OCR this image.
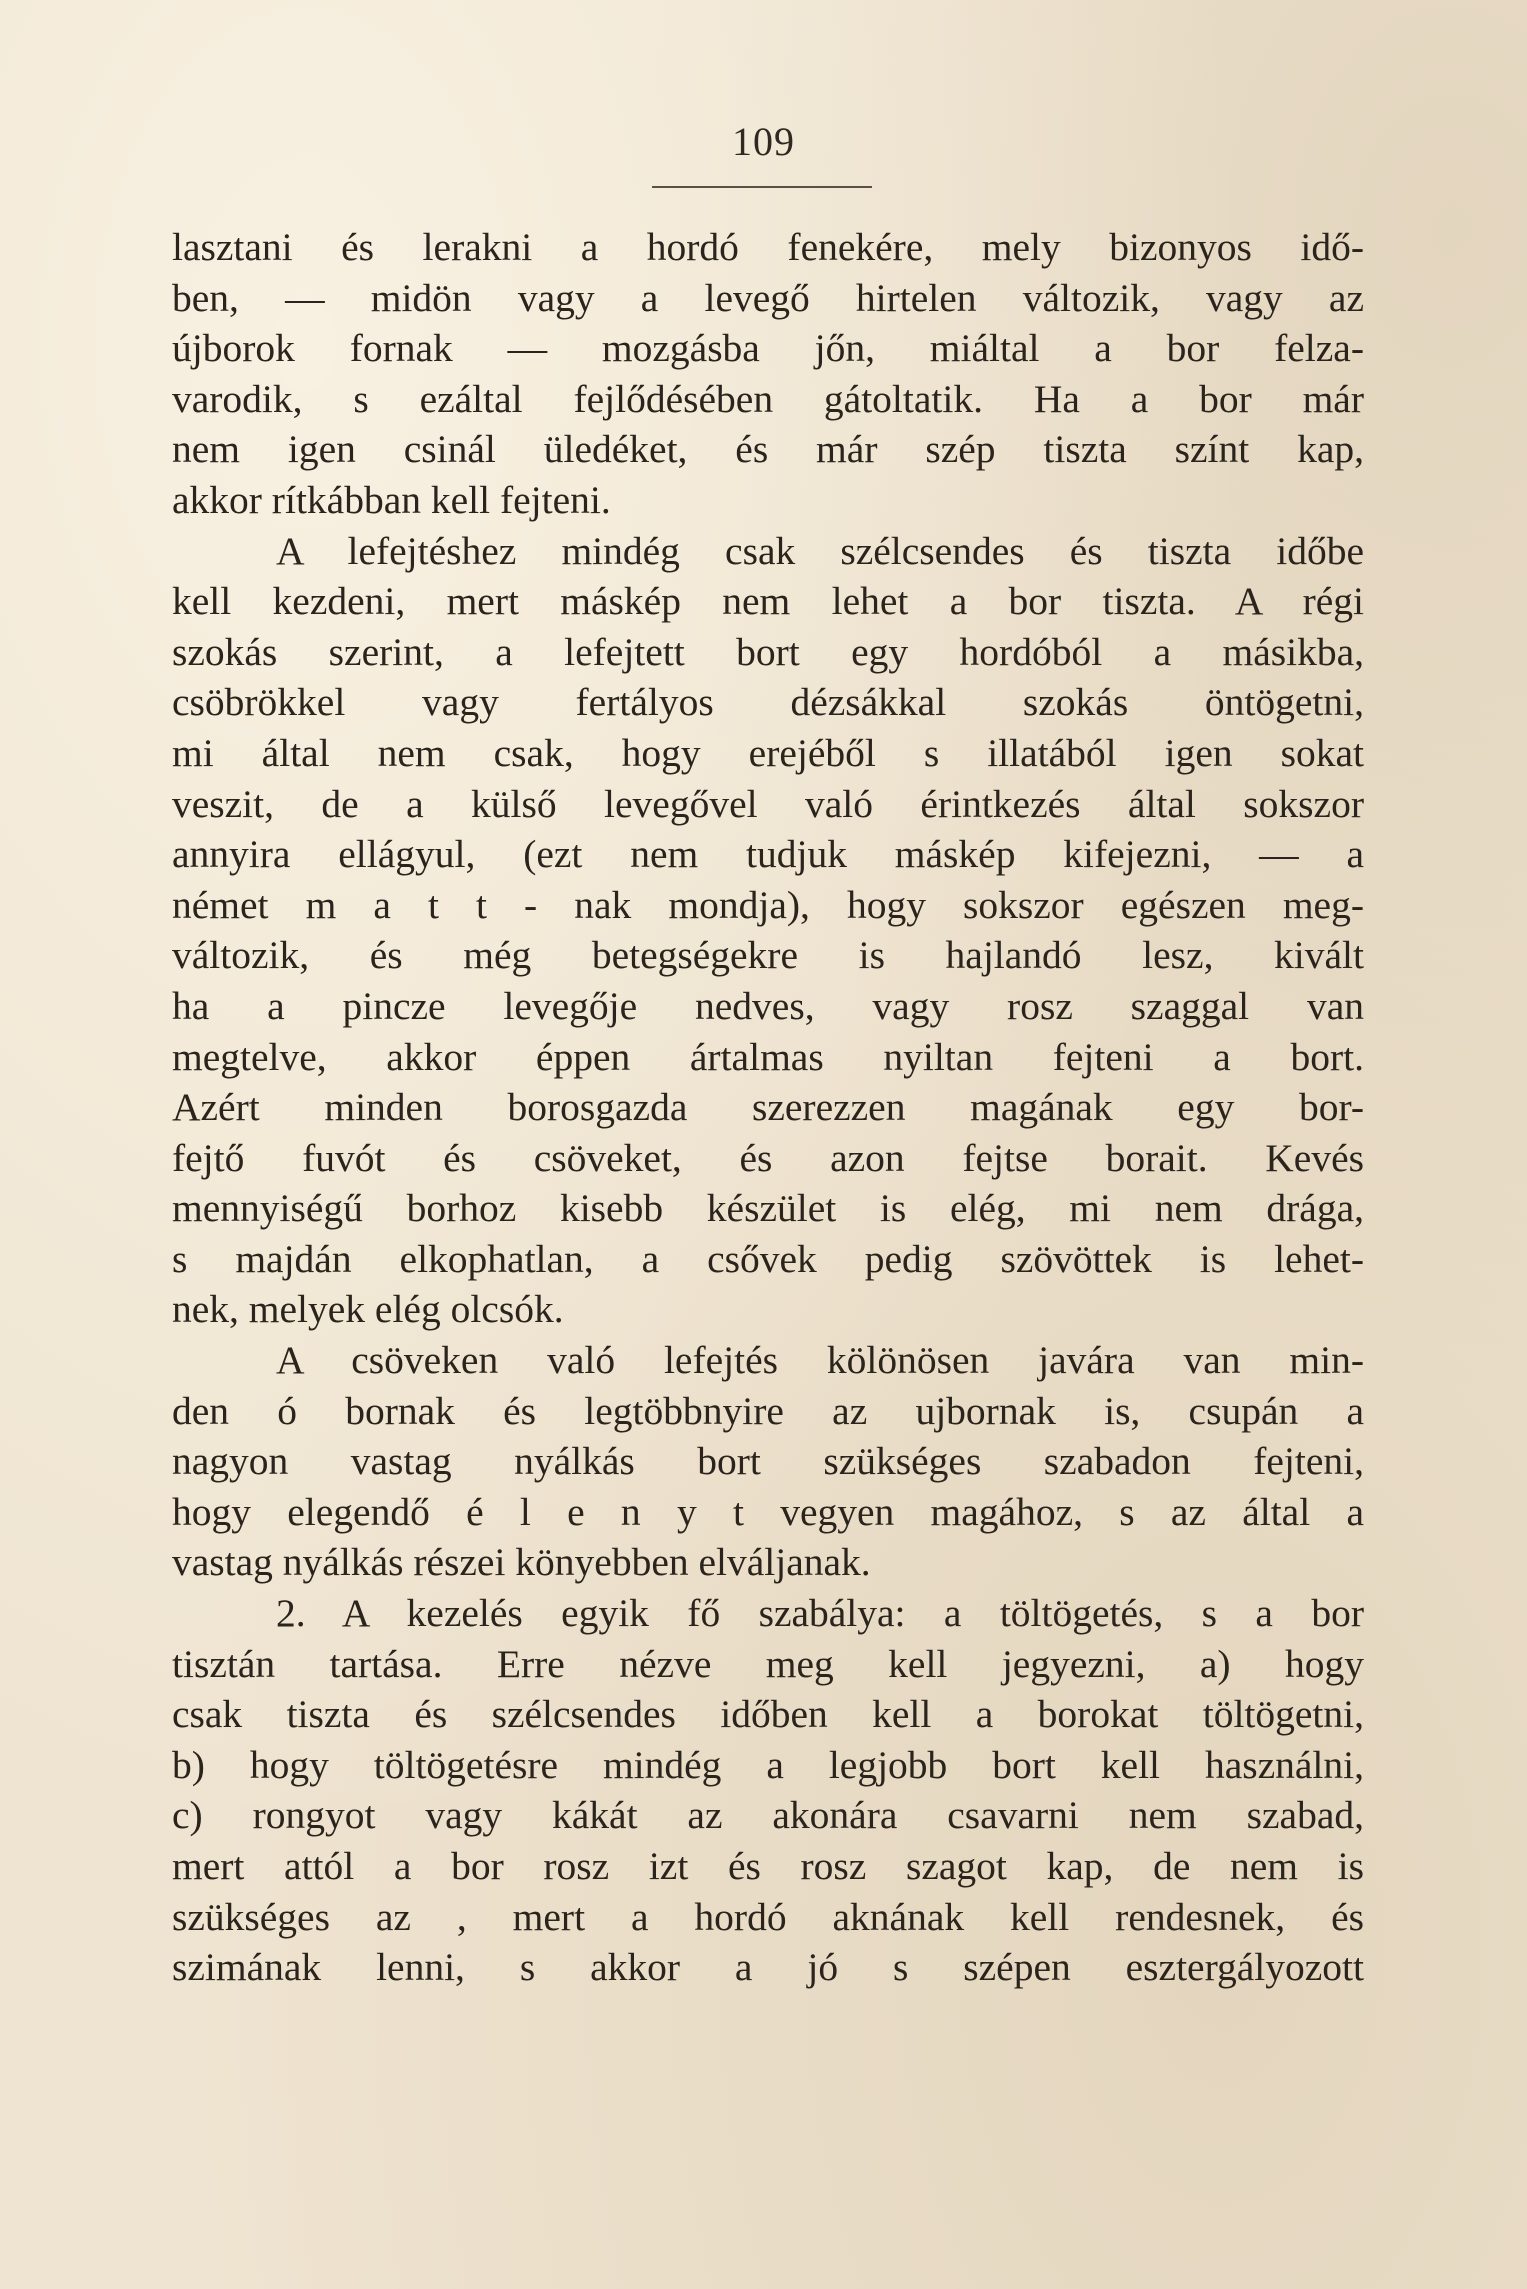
109
lasztani és lerakni a hordó fenekére, mely bizonyos idő-
ben, — midön vagy a levegő hirtelen változik, vagy az
újborok fornak — mozgásba jőn, miáltal a bor felza-
varodik, s ezáltal fejlődésében gátoltatik. Ha a bor már
nem igen csinál üledéket, és már szép tiszta színt kap,
akkor rítkábban kell fejteni.
A lefejtéshez mindég csak szélcsendes és tiszta időbe
kell kezdeni, mert máskép nem lehet a bor tiszta. A régi
szokás szerint, a lefejtett bort egy hordóból a másikba,
csöbrökkel vagy fertályos dézsákkal szokás öntögetni,
mi által nem csak, hogy erejéből s illatából igen sokat
veszit, de a külső levegővel való érintkezés által sokszor
annyira ellágyul, (ezt nem tudjuk máskép kifejezni, — a
német m a t t - nak mondja), hogy sokszor egészen meg-
változik, és még betegségekre is hajlandó lesz, kivált
ha a pincze levegője nedves, vagy rosz szaggal van
megtelve, akkor éppen ártalmas nyiltan fejteni a bort.
Azért minden borosgazda szerezzen magának egy bor-
fejtő fuvót és csöveket, és azon fejtse borait. Kevés
mennyiségű borhoz kisebb készület is elég, mi nem drága,
s majdán elkophatlan, a csővek pedig szövöttek is lehet-
nek, melyek elég olcsók.
A csöveken való lefejtés kölönösen javára van min-
den ó bornak és legtöbbnyire az ujbornak is, csupán a
nagyon vastag nyálkás bort szükséges szabadon fejteni,
hogy elegendő é l e n y t vegyen magához, s az által a
vastag nyálkás részei könyebben elváljanak.
2. A kezelés egyik fő szabálya: a töltögetés, s a bor
tisztán tartása. Erre nézve meg kell jegyezni, a) hogy
csak tiszta és szélcsendes időben kell a borokat töltögetni,
b) hogy töltögetésre mindég a legjobb bort kell használni,
c) rongyot vagy kákát az akonára csavarni nem szabad,
mert attól a bor rosz izt és rosz szagot kap, de nem is
szükséges az , mert a hordó aknának kell rendesnek, és
szimának lenni, s akkor a jó s szépen esztergályozott
